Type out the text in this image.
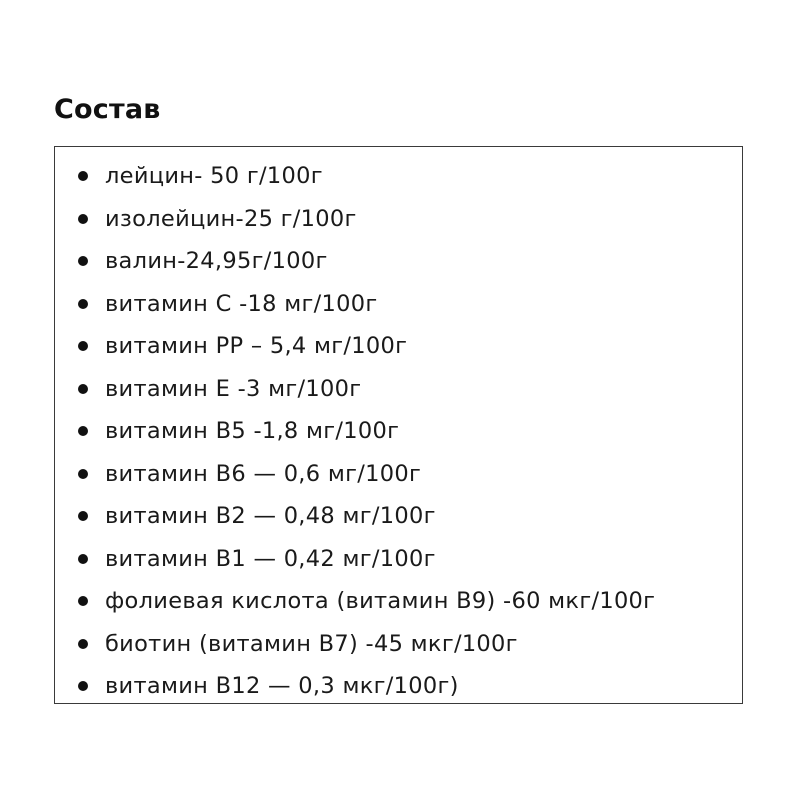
Состав
лейцин- 50 г/100г
изолейцин-25 г/100г
валин-24,95г/100г
витамин С -18 мг/100г
витамин РР – 5,4 мг/100г
витамин Е -3 мг/100г
витамин В5 -1,8 мг/100г
витамин В6 — 0,6 мг/100г
витамин В2 — 0,48 мг/100г
витамин В1 — 0,42 мг/100г
фолиевая кислота (витамин В9) -60 мкг/100г
биотин (витамин В7) -45 мкг/100г
витамин В12 — 0,3 мкг/100г)
